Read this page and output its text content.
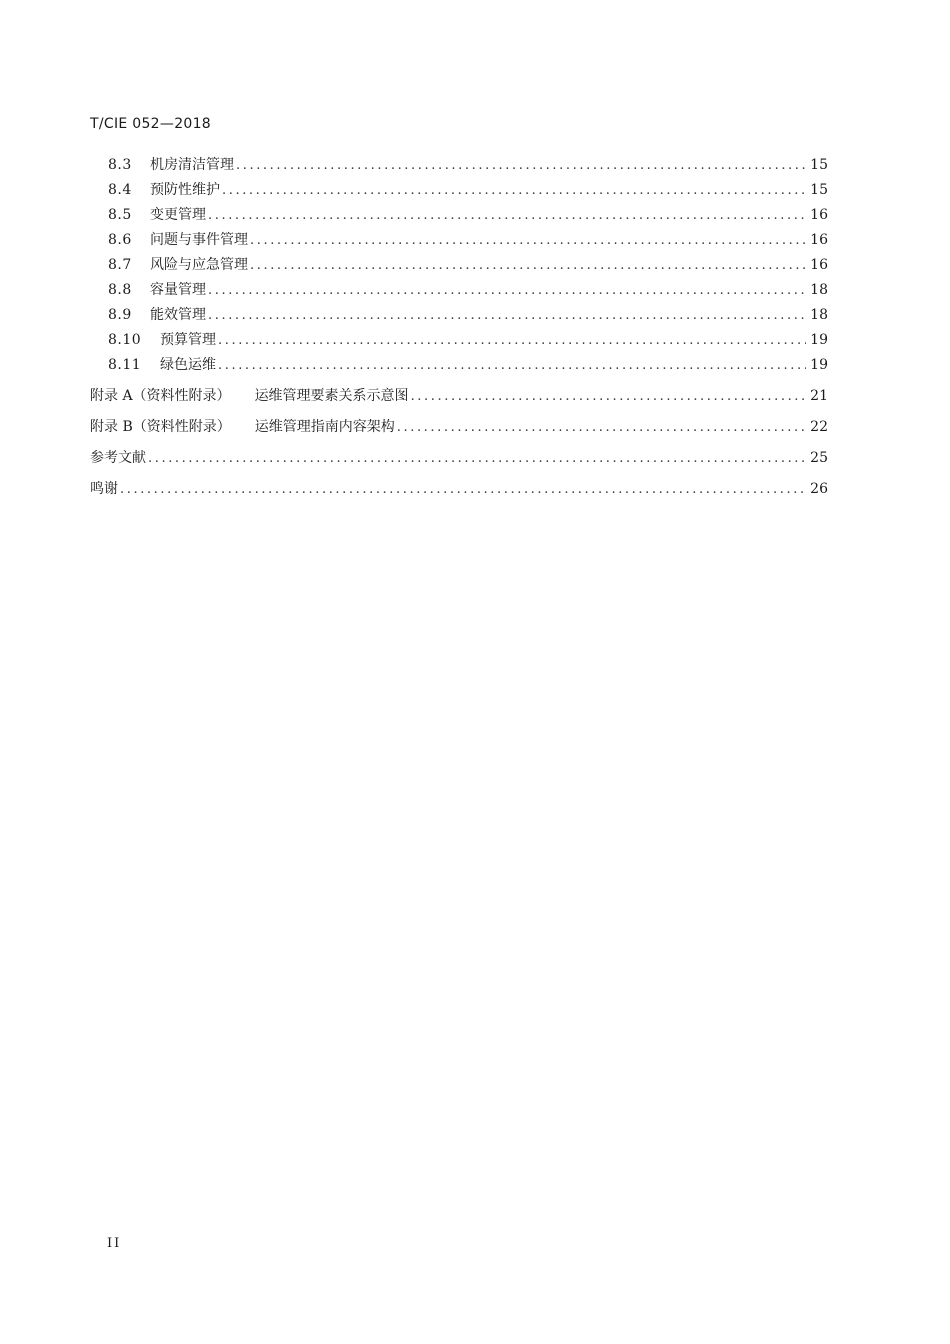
T/CIE 052—2018
8.3	机房清洁管理 .....	15
8.4	预防性维护 .....	15
8.5	变更管理 .....	16
8.6	问题与事件管理 .....	16
8.7	风险与应急管理 .....	16
8.8	容量管理 .....	18
8.9	能效管理 .....	18
8.10	预算管理 .....	19
8.11	绿色运维 .....	19
附录 A（资料性附录） 运维管理要素关系示意图 .....	21
附录 B（资料性附录） 运维管理指南内容架构 .....	22
参考文献 .....	25
鸣谢 .....	26
II
